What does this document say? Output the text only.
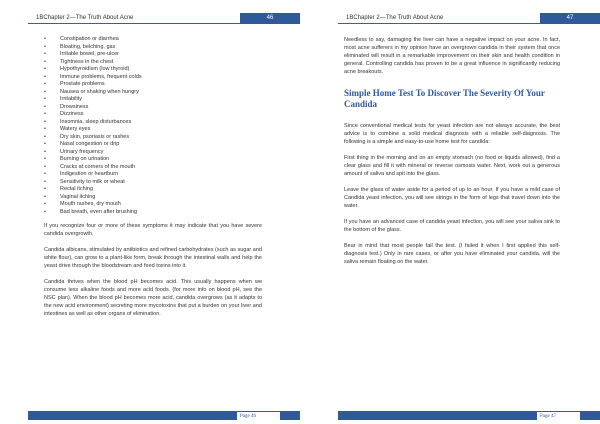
1BChapter 2—The Truth About Acne	46
•	Constipation or diarrhea
•	Bloating, belching, gas
•	Irritable bowel, pre-ulcer
•	Tightness in the chest
•	Hypothyroidism (low thyroid)
•	Immune problems, frequent colds
•	Prostate problems
•	Nausea or shaking when hungry
•	Irritability
•	Drowsiness
•	Dizziness
•	Insomnia, sleep disturbances
•	Watery eyes
•	Dry skin, psoriasis or rashes
•	Nasal congestion or drip
•	Urinary frequency
•	Burning on urination
•	Cracks at corners of the mouth
•	Indigestion or heartburn
•	Sensitivity to milk or wheat
•	Rectal itching
•	Vaginal itching
•	Mouth rashes, dry mouth
•	Bad breath, even after brushing

If you recognize four or more of these symptoms it may indicate that you have severe candida overgrowth.

Candida albicans, stimulated by antibiotics and refined carbohydrates (such as sugar and white flour), can grow to a plant-like form, break through the intestinal walls and help the yeast drive through the bloodstream and feed toxins into it.

Candida thrives when the blood pH becomes acid. This usually happens when we consume less alkaline foods and more acid foods. (for more info on blood pH, see the NSC plan). When the blood pH becomes more acid, candida overgrows (as it adapts to the new acid environment) secreting more mycotoxins that put a burden on your liver and intestines as well as other organs of elimination.

Page 46
1BChapter 2—The Truth About Acne	47

Needless to say, damaging the liver can have a negative impact on your acne. In fact, most acne sufferers in my opinion have an overgrown candida in their system that once eliminated will result in a remarkable improvement on their skin and health condition in general. Controlling candida has proven to be a great influence in significantly reducing acne breakouts.

Simple Home Test To Discover The Severity Of Your Candida

Since conventional medical tests for yeast infection are not always accurate, the best advice is to combine a solid medical diagnosis with a reliable self-diagnosis. The following is a simple and easy-to-use home test for candida:

First thing in the morning and on an empty stomach (no food or liquids allowed), find a clear glass and fill it with mineral or reverse osmosis water. Next, work out a generous amount of saliva and spit into the glass.

Leave the glass of water aside for a period of up to an hour. If you have a mild case of Candida yeast infection, you will see strings in the form of legs that travel down into the water.

If you have an advanced case of candida yeast infection, you will see your saliva sink to the bottom of the glass.

Bear in mind that most people fail the test. (I failed it when I first applied this self-diagnosis test.) Only in rare cases, or after you have eliminated your candida, will the saliva remain floating on the water.

Page 47
